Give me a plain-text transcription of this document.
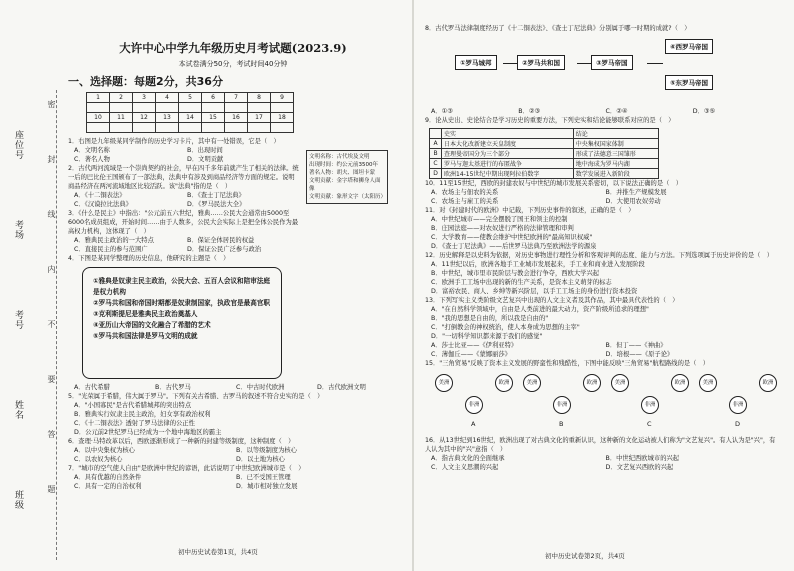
座位号
考场
考号
姓名
班级
密
封
线
内
不
要
答
题
大许中心中学九年级历史月考试题(2023.9)
本试卷满分50分，考试时间40分钟
一、选择题：每题2分，共36分
1	2	3	4	5	6	7	8	9

10	11	12	13	14	15	16	17	18

1．右图是九年级某同学制作的历史学习卡片，其中有一处错误，它是（　）
A．文明名称	B．出现时间
C．著名人物	D．文明贡献
2．古代两河流域是一个崇尚契约的社会，早在四千多年前就产生了相关的法律。统一后的巴比伦王国颁布了一部法典，法典中有涉及到商品经济等方面的规定。说明商品经济在两河流域地区比较活跃。该"法典"指的是（　）
A．《十二铜表法》	B．《查士丁尼法典》
C．《汉谟拉比法典》	D．《罗马民法大全》
3．《什么是民主》中指出："公元前五六世纪，雅典……公民大会通常由5000至6000名成员组成，开始时间……由于人数多，公民大会实际上是把全体公民作为最高权力机构，这体现了（　）
A．雅典民主政治的一大特点	B．保证全体居民的权益
C．直接民主的参与范围广	D．保证公民广泛参与政治
4．下图是某同学整理的历史信息，他研究的主题是（　）
文明名称：古代埃及文明
出现时间：约公元前3500年
著名人物：胡夫、图坦卡蒙
文明贡献：金字塔和狮身人面像
文明贡献：象形文字（太阳历）
①雅典是奴隶主民主政治，公民大会、五百人会议和陪审法庭是权力机构
②罗马共和国和帝国时期都是奴隶制国家，执政官是最高官职
③克利斯提尼是雅典民主政治奠基人
④亚历山大帝国的文化融合了希腊的艺术
⑤罗马共和国法律是罗马文明的成就
A．古代希腊	B．古代罗马	C．中古时代欧洲	D．古代欧洲文明
5．"光荣属于希腊，伟大属于罗马"。下列有关古希腊、古罗马的叙述不符合史实的是（　）
A．"小国寡民"是古代希腊城邦的突出特点
B．雅典实行奴隶主民主政治，妇女享有政治权利
C．《十二铜表法》透射了罗马法律的公正性
D．公元前2世纪罗马已经成为一个地中海地区的霸主
6．查理·马特改革以后，西欧逐渐形成了一种新的封建等级制度，这种制度（　）
A．以中央集权为核心	B．以等级制度为核心
C．以农奴为核心	D．以土地为核心
7．"城市的空气使人自由"是欧洲中世纪的谚语，此话说明了中世纪欧洲城市是（　）
A．具有优越的自然条件	B．已不受国王管理
C．具有一定的自治权利	D．城市相对独立发展
初中历史试卷第1页，共4页
8．古代罗马法律制度经历了《十二铜表法》、《查士丁尼法典》分别属于哪一时期的成就?（　）
①罗马城邦	②罗马共和国	③罗马帝国
④西罗马帝国
⑤东罗马帝国
A．①③	B．②③	C．②④	D．③⑤
9．论从史出、史论结合是学习历史的重要方法，下列史实和结论能够联系对应的是（　）
	史实	结论
A	日本大化改新建立天皇制度	中央集权国家体制
B	查理曼帝国分为三个部分	形成了法德意三国雏形
C	罗马与迦太基进行的布匿战争	地中海成为罗马内湖
D	欧洲14-15世纪中期出现阿拉伯数字	数学发展进入新阶段
10．11至15世纪，西欧的封建农奴与中世纪的城市发展关系密切，以下说法正确的是（　）
A．农场主与佃农的关系	B．并推生产规模发展
C．农场主与雇工的关系	D．大使用农奴劳动
11．对《封建时代的欧洲》中记载，下列历史事件的叙述，正确的是（　）
A．中世纪城市——完全摆脱了国王和领主的控制
B．庄园法庭——对农奴进行严格的法律管理和审判
C．大学教育——使教会维护中世纪欧洲的"最高知识权威"
D．《查士丁尼法典》——后世罗马法典乃至欧洲法学的源泉
12．历史解释是以史料为依据，对历史事物进行理性分析和客观评判的态度、能力与方法。下列选项属于历史评价的是（　）
A．11世纪以后，欧洲各地手工业城市发展起来，手工业和商业进入发展阶段
B．中世纪，城市里市民阶层与教会进行争夺，西欧大学兴起
C．欧洲手工工场中出现的新的生产关系，是资本主义萌芽的标志
D．富裕农民、商人、乡绅等新兴阶层，以手工工场主的身份进行资本投资
13．下列写实主义类阶级文艺复兴中出现的人文主义者及其作品，其中最具代表性的（　）
A．"在自然科学领域中，自由是人类前进的最大动力，资产阶级所追求的理想"
B．"我的思想是自由的，所以我是自由的"
C．"打倒教会的神权统治，使人本身成为思想的主宰"
D．"一切科学知识都来源于我们的感觉"
A．莎士比亚——《伊利亚特》	B．但丁——《神曲》
C．薄伽丘——《蒙娜丽莎》	D．培根——《原子论》
15．"三角贸易"反映了资本主义发展的野蛮性和残酷性，下图中能反映"三角贸易"航程路线的是（　）
美洲
非洲
欧洲
A
美洲
非洲
欧洲
B
美洲
非洲
欧洲
C
美洲
非洲
欧洲
D
16．从13世纪到16世纪，欧洲出现了对古典文化的重新认识，这种新的文化运动被人们称为"文艺复兴"。有人认为是"兴"，有人认为其中的"兴"意指（　）
A．指古典文化的全面继承	B．中世纪西欧城市的兴起
C．人文主义思潮的兴起	D．文艺复兴西欧的兴起
初中历史试卷第2页，共4页
